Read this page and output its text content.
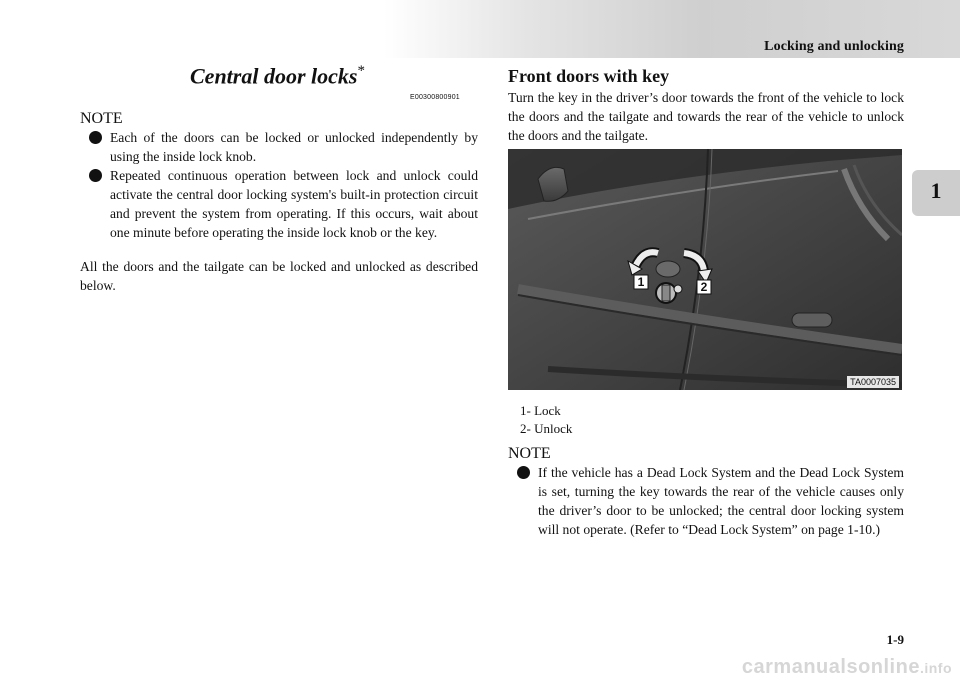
Locking and unlocking
1
Central door locks*
E00300800901

NOTE

Each of the doors can be locked or unlocked independently by using the inside lock knob.
Repeated continuous operation between lock and unlock could activate the central door locking system's built-in protection circuit and prevent the system from operating. If this occurs, wait about one minute before operating the inside lock knob or the key.
All the doors and the tailgate can be locked and unlocked as described below.

Front doors with key

Turn the key in the driver’s door towards the front of the vehicle to lock the doors and the tailgate and towards the rear of the vehicle to unlock the doors and the tailgate.
1	2
TA0007035
1- Lock
2- Unlock

NOTE

If the vehicle has a Dead Lock System and the Dead Lock System is set, turning the key towards the rear of the vehicle causes only the driver’s door to be unlocked; the central door locking system will not operate. (Refer to “Dead Lock System” on page 1-10.)
1-9
carmanualsonline.info
